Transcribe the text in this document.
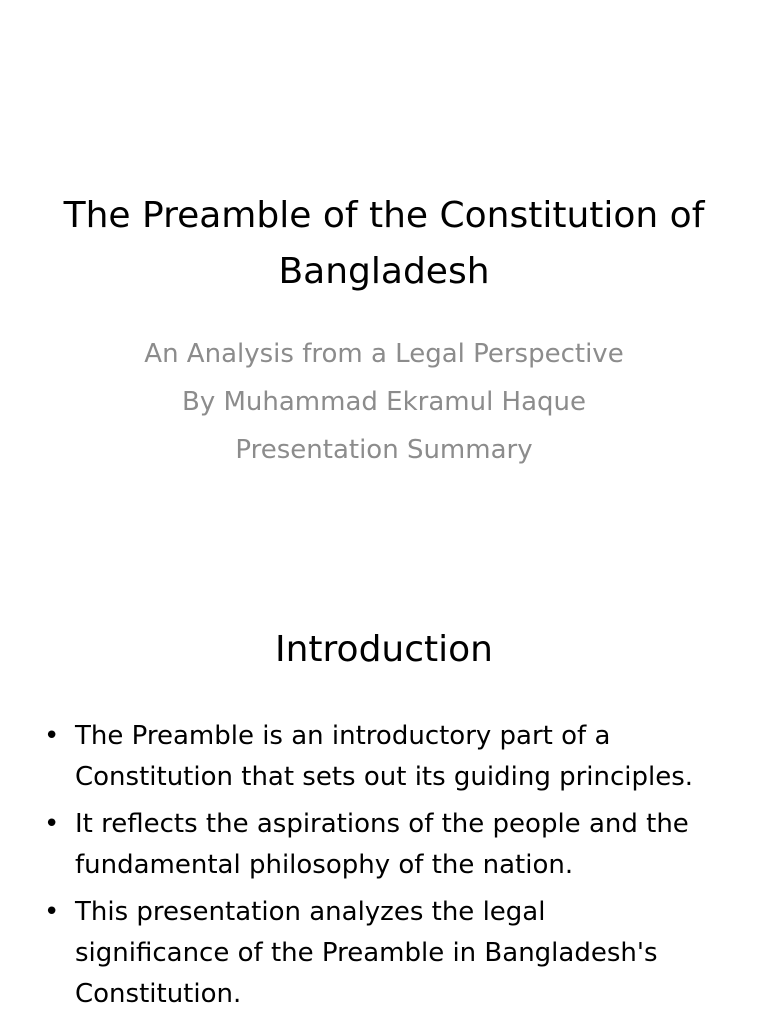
The Preamble of the Constitution of Bangladesh
An Analysis from a Legal Perspective
By Muhammad Ekramul Haque
Presentation Summary
Introduction
• The Preamble is an introductory part of a Constitution that sets out its guiding principles.
• It reflects the aspirations of the people and the fundamental philosophy of the nation.
• This presentation analyzes the legal significance of the Preamble in Bangladesh's Constitution.
